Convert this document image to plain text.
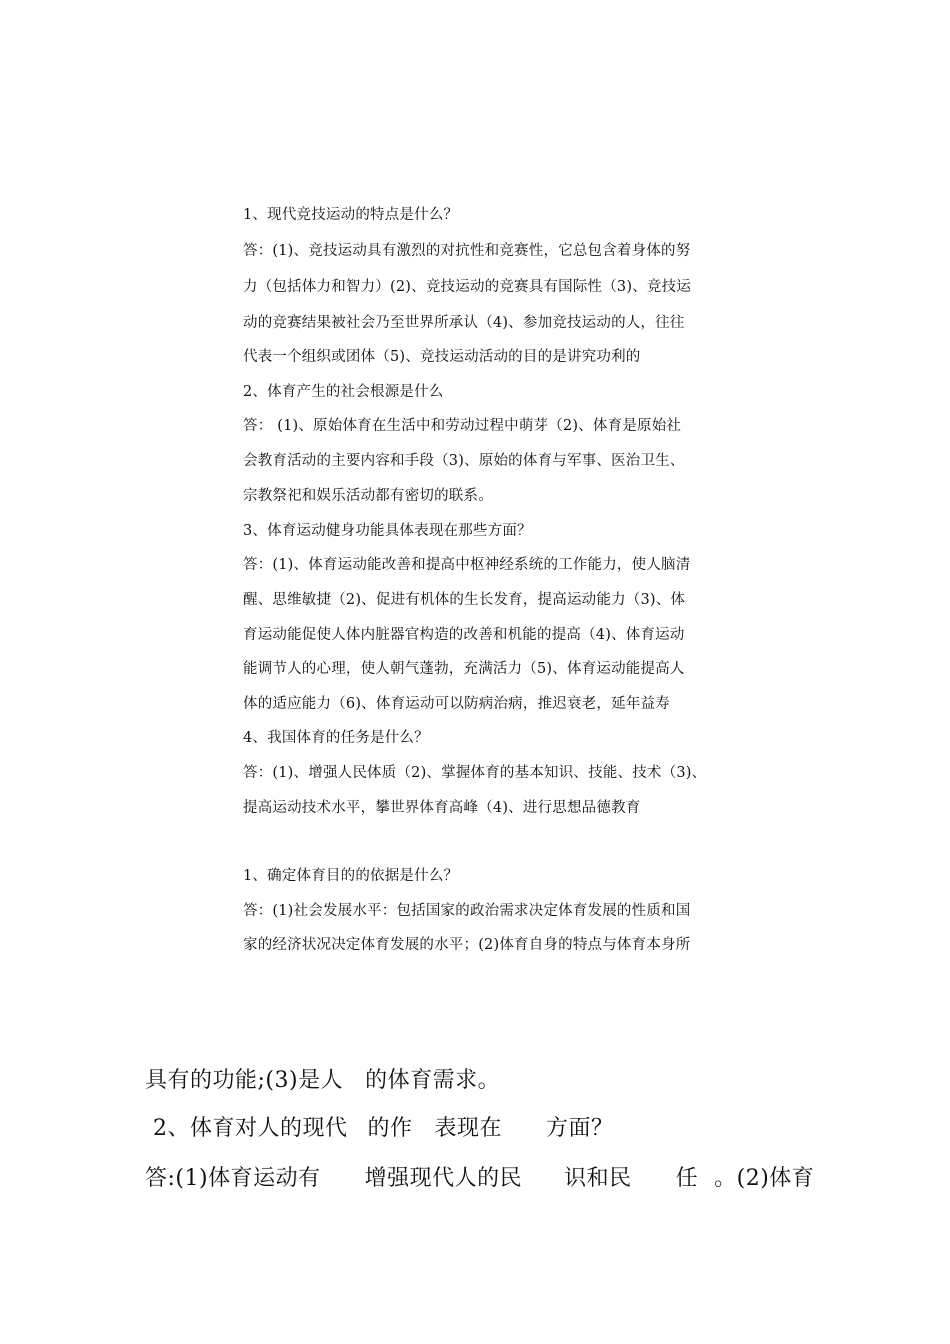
1、现代竞技运动的特点是什么？
答：(1)、竞技运动具有激烈的对抗性和竞赛性，它总包含着身体的努
力（包括体力和智力）(2)、竞技运动的竞赛具有国际性（3)、竞技运
动的竞赛结果被社会乃至世界所承认（4)、参加竞技运动的人，往往
代表一个组织或团体（5)、竞技运动活动的目的是讲究功利的
2、体育产生的社会根源是什么
答： (1)、原始体育在生活中和劳动过程中萌芽（2)、体育是原始社
会教育活动的主要内容和手段（3)、原始的体育与军事、医治卫生、
宗教祭祀和娱乐活动都有密切的联系。
3、体育运动健身功能具体表现在那些方面？
答：(1)、体育运动能改善和提高中枢神经系统的工作能力，使人脑清
醒、思维敏捷（2)、促进有机体的生长发育，提高运动能力（3)、体
育运动能促使人体内脏器官构造的改善和机能的提高（4)、体育运动
能调节人的心理，使人朝气蓬勃，充满活力（5)、体育运动能提高人
体的适应能力（6)、体育运动可以防病治病，推迟衰老，延年益寿
4、我国体育的任务是什么？
答：(1)、增强人民体质（2)、掌握体育的基本知识、技能、技术（3)、
提高运动技术水平，攀世界体育高峰（4)、进行思想品德教育
1、确定体育目的的依据是什么？
答：(1)社会发展水平：包括国家的政治需求决定体育发展的性质和国
家的经济状况决定体育发展的水平；(2)体育自身的特点与体育本身所
具有的功能;(3)是人 的体育需求。
2、体育对人的现代 的作 表现在 方面？
答:(1)体育运动有 增强现代人的民 识和民 任 。(2)体育
